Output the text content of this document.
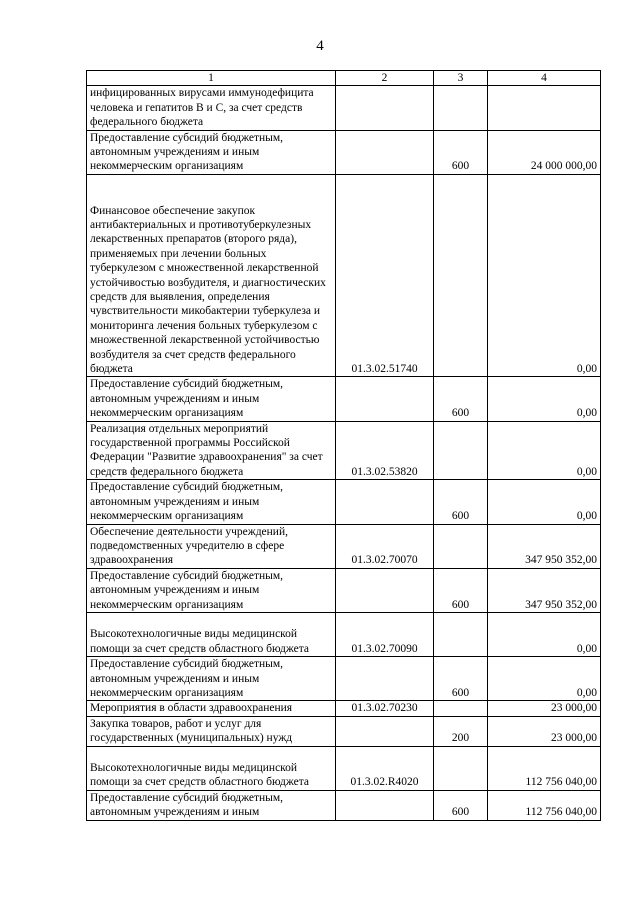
4
1	2	3	4
инфицированных вирусами иммунодефицита человека и гепатитов В и С, за счет средств федерального бюджета			
Предоставление субсидий бюджетным, автономным учреждениям и иным некоммерческим организациям		600	24 000 000,00
Финансовое обеспечение закупок антибактериальных и противотуберкулезных лекарственных препаратов (второго ряда), применяемых при лечении больных туберкулезом с множественной лекарственной устойчивостью возбудителя, и диагностических средств для выявления, определения чувствительности микобактерии туберкулеза и мониторинга лечения больных туберкулезом с множественной лекарственной устойчивостью возбудителя за счет средств федерального бюджета	01.3.02.51740		0,00
Предоставление субсидий бюджетным, автономным учреждениям и иным некоммерческим организациям		600	0,00
Реализация отдельных мероприятий государственной программы Российской Федерации "Развитие здравоохранения" за счет средств федерального бюджета	01.3.02.53820		0,00
Предоставление субсидий бюджетным, автономным учреждениям и иным некоммерческим организациям		600	0,00
Обеспечение деятельности учреждений, подведомственных учредителю в сфере здравоохранения	01.3.02.70070		347 950 352,00
Предоставление субсидий бюджетным, автономным учреждениям и иным некоммерческим организациям		600	347 950 352,00
Высокотехнологичные виды медицинской помощи за счет средств областного бюджета	01.3.02.70090		0,00
Предоставление субсидий бюджетным, автономным учреждениям и иным некоммерческим организациям		600	0,00
Мероприятия в области здравоохранения	01.3.02.70230		23 000,00
Закупка товаров, работ и услуг для государственных (муниципальных) нужд		200	23 000,00
Высокотехнологичные виды медицинской помощи за счет средств областного бюджета	01.3.02.R4020		112 756 040,00
Предоставление субсидий бюджетным, автономным учреждениям и иным		600	112 756 040,00
